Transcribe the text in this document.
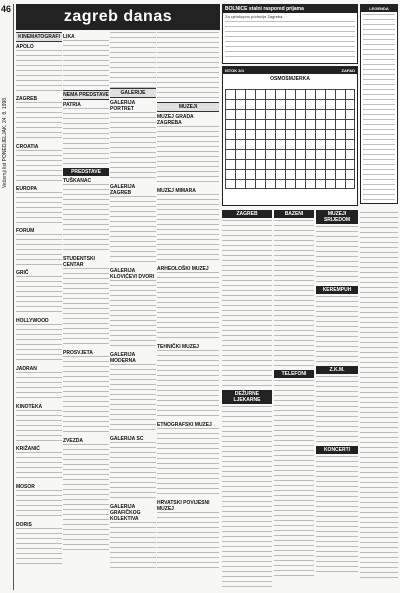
46
Večernji list PONEDJELJAK, 24. 8. 1998.
zagreb danas
KINEMATOGRAFI
APOLO
ZAGREB
CROATIA
EUROPA
FORUM
GRIČ
HOLLYWOOD
JADRAN
KINOTEKA
KRIŽANIĆ
MOSOR
DORIS
LIKA
NEMA PREDSTAVE
PATRIA
PREDSTAVE
TUŠKANAC
STUDENTSKI CENTAR
PROSVJETA
ZVEZDA
GALERIJE
GALERIJA PORTRET
GALERIJA ZAGREB
GALERIJA KLOVIĆEVI DVORI
GALERIJA MODERNA
GALERIJA SC
GALERIJA GRAFIČKOG KOLEKTIVA
MUZEJI
MUZEJ GRADA ZAGREBA
MUZEJ MIMARA
ARHEOLOŠKI MUZEJ
TEHNIČKI MUZEJ
ETNOGRAFSKI MUZEJ
HRVATSKI POVIJESNI MUZEJ
BOLNICE stalni raspored prijama
Za cjelokupno područje Zagreba
ISTOK 3/4	ZAPAD
OSMOSMJERKA
LEGENDA
ZAGREB
DEŽURNE LJEKARNE
BAZENI
TELEFONI
MUZEJI SRIJEDOM
KEREMPUH
Z.K.M.
KONCERTI
